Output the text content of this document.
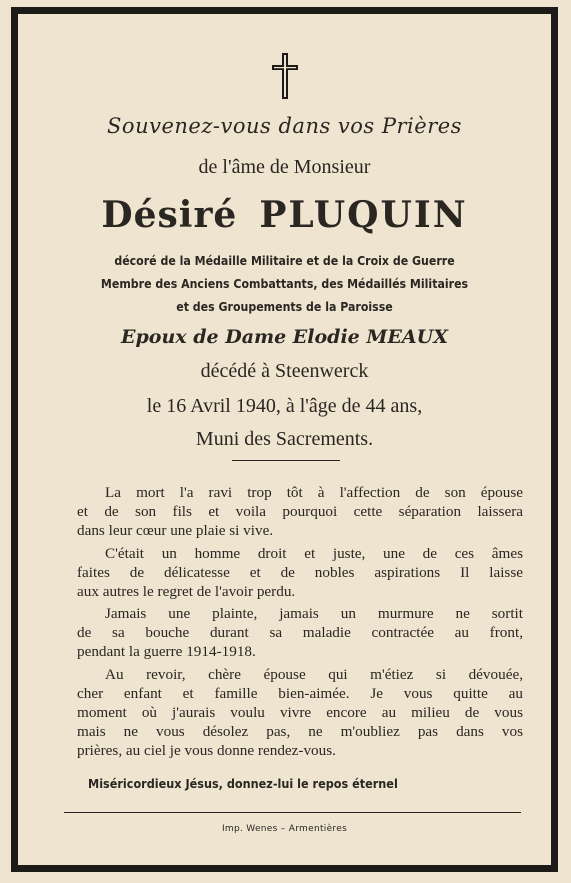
Souvenez-vous dans vos Prières
de l'âme de Monsieur
Désiré PLUQUIN
décoré de la Médaille Militaire et de la Croix de Guerre
Membre des Anciens Combattants, des Médaillés Militaires
et des Groupements de la Paroisse
Epoux de Dame Elodie MEAUX
décédé à Steenwerck
le 16 Avril 1940, à l'âge de 44 ans,
Muni des Sacrements.
La mort l'a ravi trop tôt à l'affection de son épouse
et de son fils et voila pourquoi cette séparation laissera
dans leur cœur une plaie si vive.
C'était un homme droit et juste, une de ces âmes
faites de délicatesse et de nobles aspirations Il laisse
aux autres le regret de l'avoir perdu.
Jamais une plainte, jamais un murmure ne sortit
de sa bouche durant sa maladie contractée au front,
pendant la guerre 1914-1918.
Au revoir, chère épouse qui m'étiez si dévouée,
cher enfant et famille bien-aimée. Je vous quitte au
moment où j'aurais voulu vivre encore au milieu de vous
mais ne vous désolez pas, ne m'oubliez pas dans vos
prières, au ciel je vous donne rendez-vous.
Miséricordieux Jésus, donnez-lui le repos éternel
Imp. Wenes – Armentières
